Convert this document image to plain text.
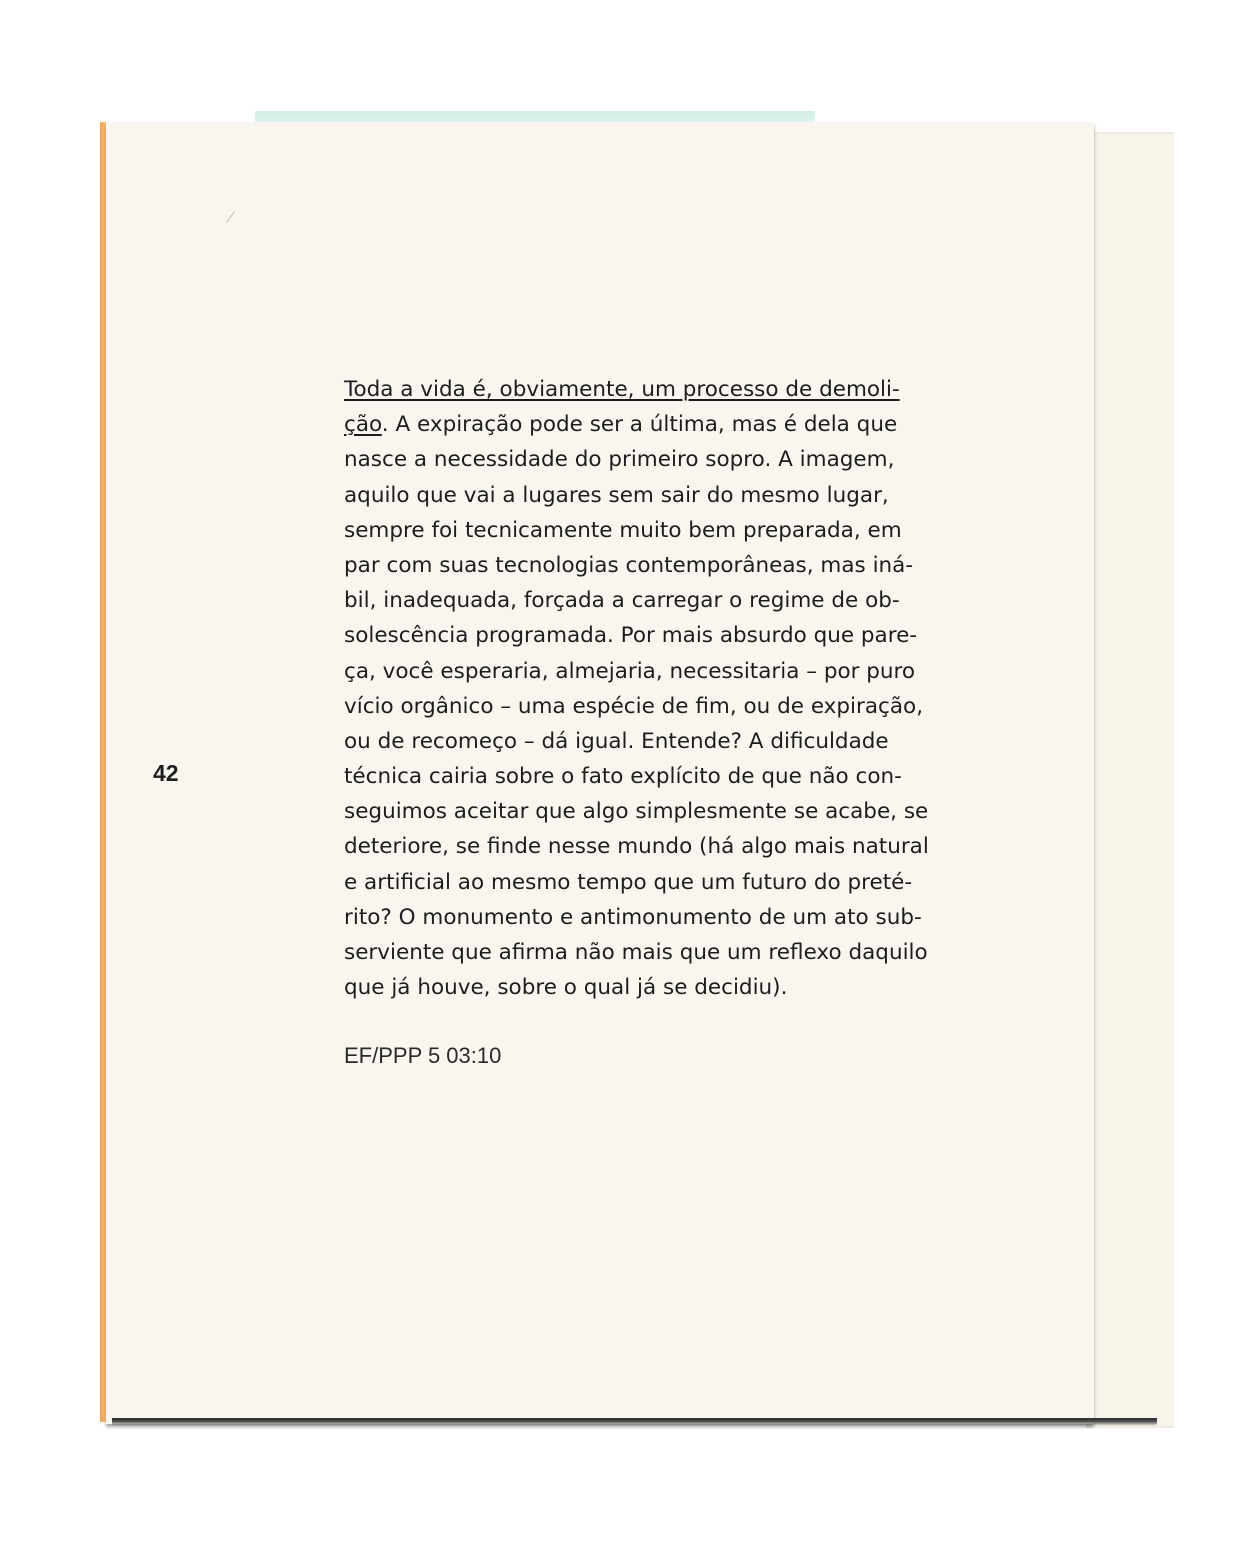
42
Toda a vida é, obviamente, um processo de demoli-
ção. A expiração pode ser a última, mas é dela que
nasce a necessidade do primeiro sopro. A imagem,
aquilo que vai a lugares sem sair do mesmo lugar,
sempre foi tecnicamente muito bem preparada, em
par com suas tecnologias contemporâneas, mas iná-
bil, inadequada, forçada a carregar o regime de ob-
solescência programada. Por mais absurdo que pare-
ça, você esperaria, almejaria, necessitaria – por puro
vício orgânico – uma espécie de fim, ou de expiração,
ou de recomeço – dá igual. Entende? A dificuldade
técnica cairia sobre o fato explícito de que não con-
seguimos aceitar que algo simplesmente se acabe, se
deteriore, se finde nesse mundo (há algo mais natural
e artificial ao mesmo tempo que um futuro do preté-
rito? O monumento e antimonumento de um ato sub-
serviente que afirma não mais que um reflexo daquilo
que já houve, sobre o qual já se decidiu).
EF/PPP 5 03:10
